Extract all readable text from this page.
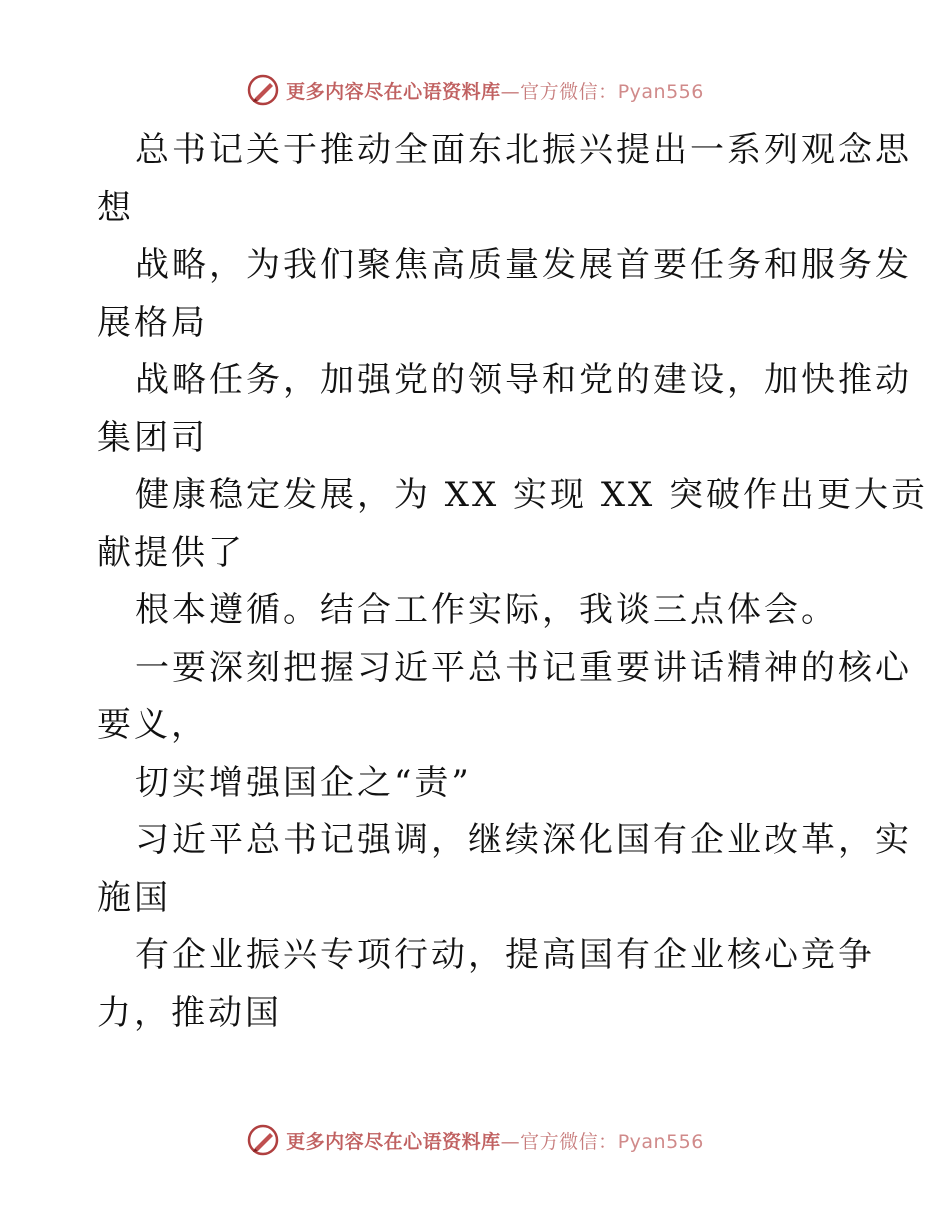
更多内容尽在心语资料库—官方微信：Pyan556
总书记关于推动全面东北振兴提出一系列观念思
想
战略，为我们聚焦高质量发展首要任务和服务发
展格局
战略任务，加强党的领导和党的建设，加快推动
集团司
健康稳定发展，为 XX 实现 XX 突破作出更大贡
献提供了
根本遵循。结合工作实际，我谈三点体会。
一要深刻把握习近平总书记重要讲话精神的核心
要义，
切实增强国企之“责”
习近平总书记强调，继续深化国有企业改革，实
施国
有企业振兴专项行动，提高国有企业核心竞争
力，推动国
更多内容尽在心语资料库—官方微信：Pyan556
